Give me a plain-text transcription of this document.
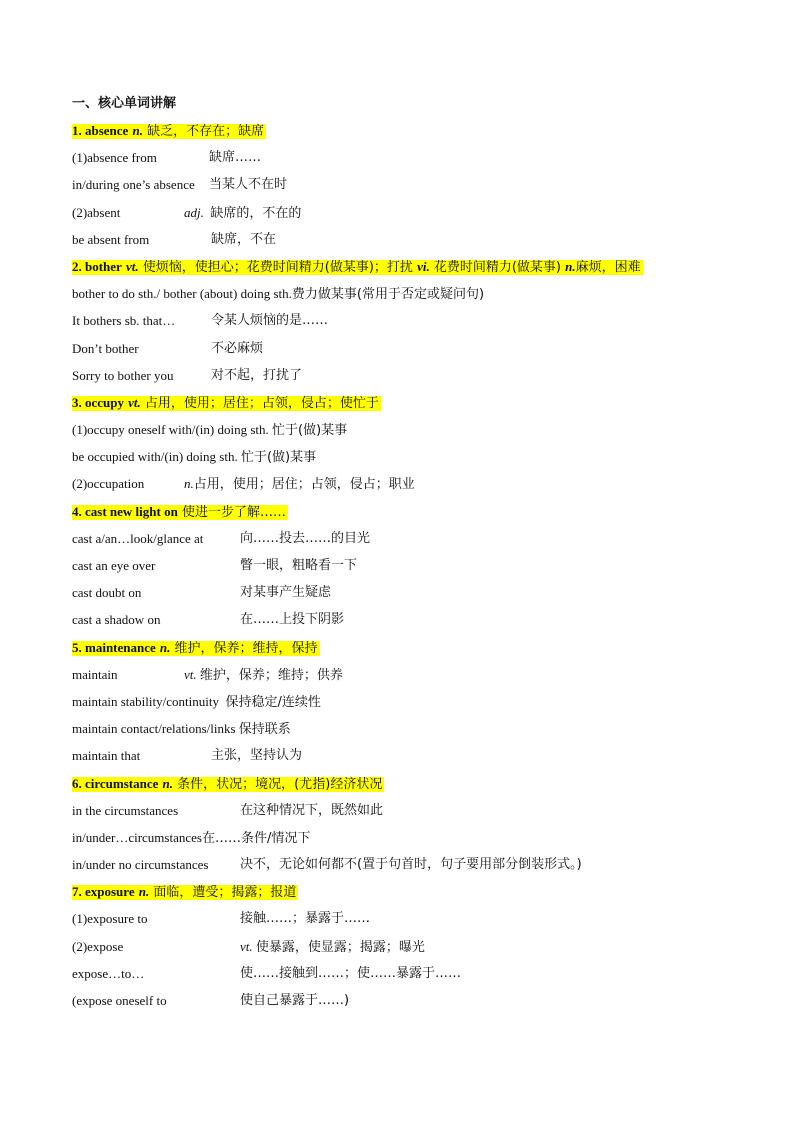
一、核心单词讲解
1. absence n. 缺乏，不存在；缺席
(1)absence from	缺席……
in/during one’s absence 当某人不在时
(2)absent	adj. 缺席的，不在的
be absent from	缺席，不在
2. bother vt. 使烦恼，使担心；花费时间精力(做某事)；打扰 vi. 花费时间精力(做某事) n.麻烦，困难
bother to do sth./ bother (about) doing sth.费力做某事(常用于否定或疑问句)
It bothers sb. that…	令某人烦恼的是……
Don’t bother	不必麻烦
Sorry to bother you	对不起，打扰了
3. occupy vt. 占用，使用；居住；占领，侵占；使忙于
(1)occupy oneself with/(in) doing sth. 忙于(做)某事
be occupied with/(in) doing sth. 忙于(做)某事
(2)occupation	n.占用，使用；居住；占领，侵占；职业
4. cast new light on 使进一步了解……
cast a/an…look/glance at	向……投去……的目光
cast an eye over	瞥一眼，粗略看一下
cast doubt on	对某事产生疑虑
cast a shadow on	在……上投下阴影
5. maintenance n. 维护，保养；维持，保持
maintain	vt. 维护，保养；维持；供养
maintain stability/continuity 保持稳定/连续性
maintain contact/relations/links 保持联系
maintain that	主张，坚持认为
6. circumstance n. 条件，状况；境况，(尤指)经济状况
in the circumstances	在这种情况下，既然如此
in/under…circumstances在……条件/情况下
in/under no circumstances 决不，无论如何都不(置于句首时，句子要用部分倒装形式。)
7. exposure n. 面临，遭受；揭露；报道
(1)exposure to	接触……；暴露于……
(2)expose	vt. 使暴露，使显露；揭露；曝光
expose…to…	使……接触到……；使……暴露于……
(expose oneself to	使自己暴露于……)
